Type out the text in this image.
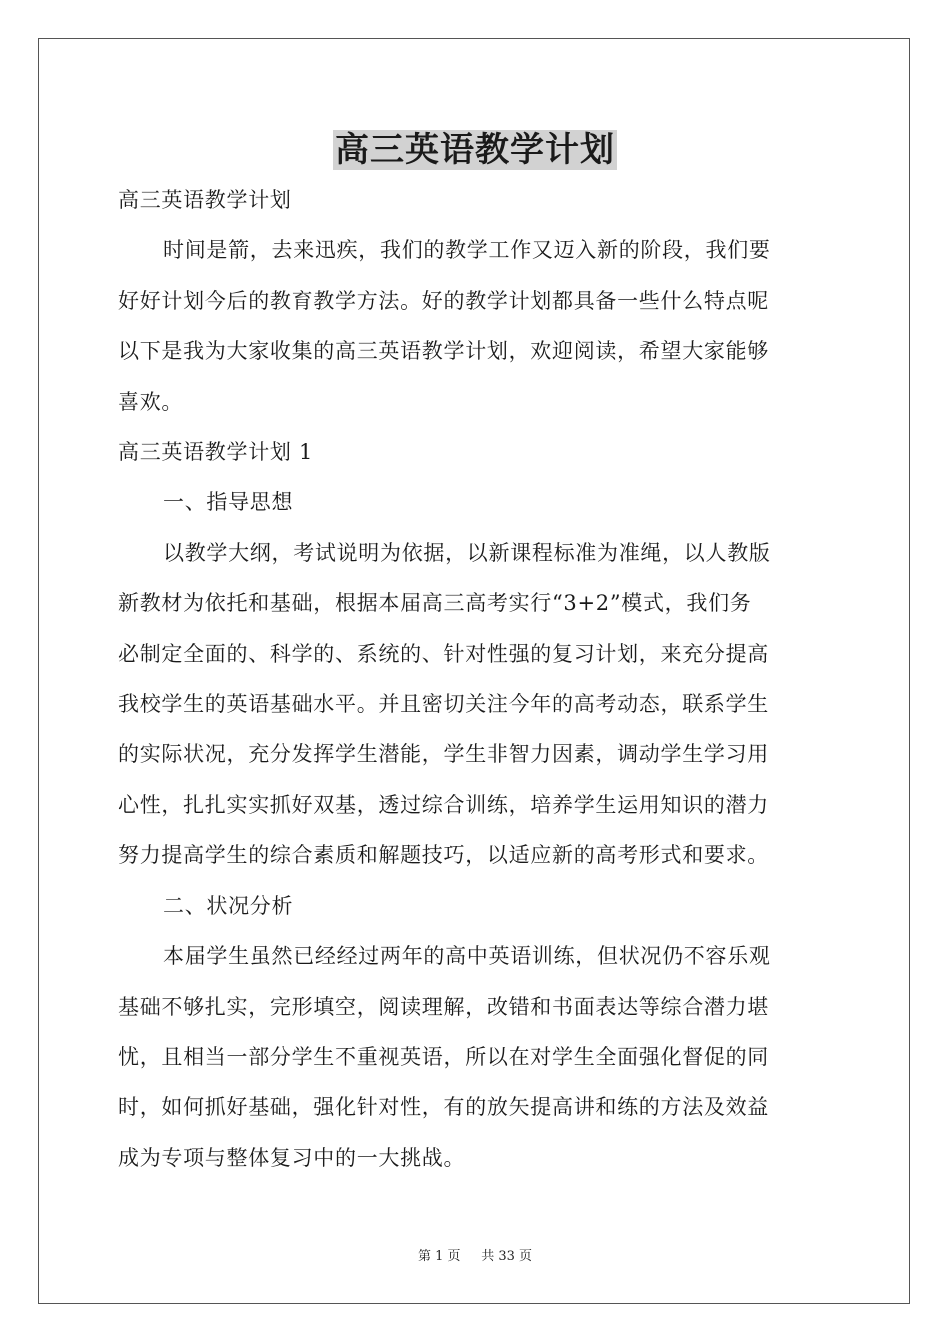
高三英语教学计划

高三英语教学计划

时间是箭，去来迅疾，我们的教学工作又迈入新的阶段，我们要

好好计划今后的教育教学方法。好的教学计划都具备一些什么特点呢

以下是我为大家收集的高三英语教学计划，欢迎阅读，希望大家能够

喜欢。

高三英语教学计划 1

一、指导思想

以教学大纲，考试说明为依据，以新课程标准为准绳，以人教版

新教材为依托和基础，根据本届高三高考实行“3+2”模式，我们务

必制定全面的、科学的、系统的、针对性强的复习计划，来充分提高

我校学生的英语基础水平。并且密切关注今年的高考动态，联系学生

的实际状况，充分发挥学生潜能，学生非智力因素，调动学生学习用

心性，扎扎实实抓好双基，透过综合训练，培养学生运用知识的潜力

努力提高学生的综合素质和解题技巧，以适应新的高考形式和要求。

二、状况分析

本届学生虽然已经经过两年的高中英语训练，但状况仍不容乐观

基础不够扎实，完形填空，阅读理解，改错和书面表达等综合潜力堪

忧，且相当一部分学生不重视英语，所以在对学生全面强化督促的同

时，如何抓好基础，强化针对性，有的放矢提高讲和练的方法及效益

成为专项与整体复习中的一大挑战。

第 1 页 共 33 页
